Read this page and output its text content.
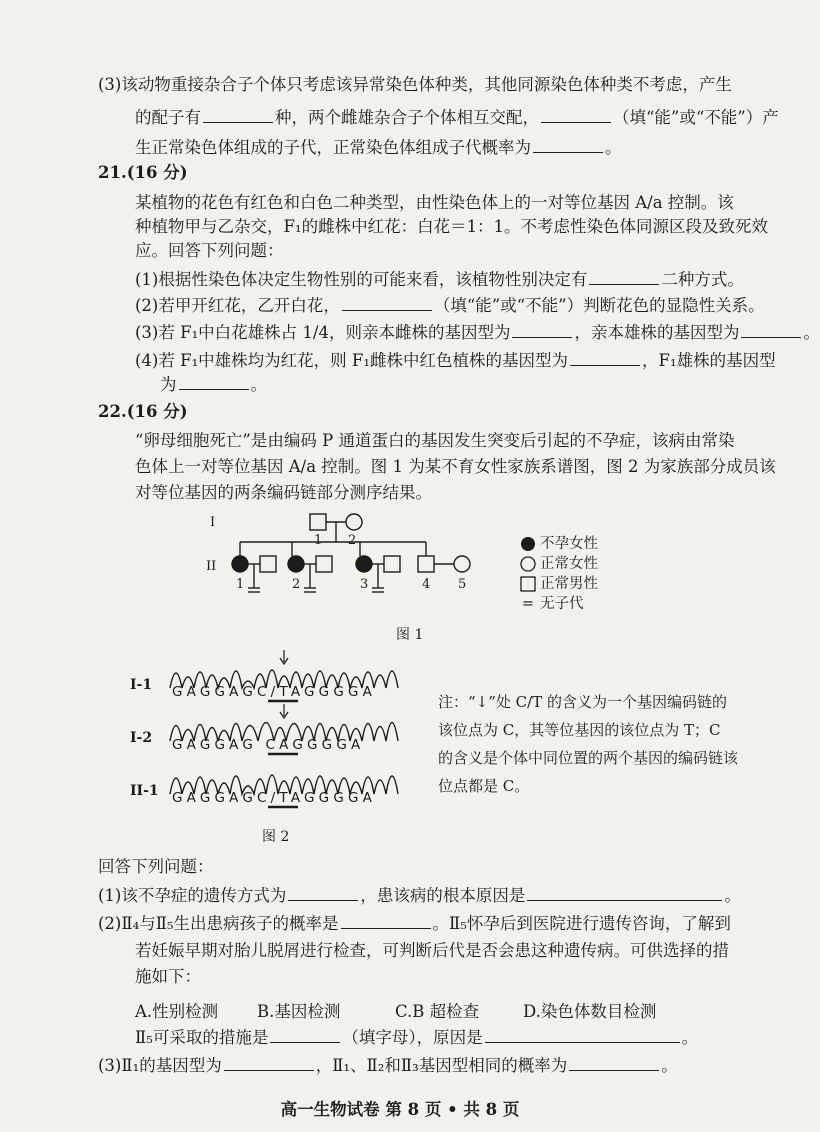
(3)该动物重接杂合子个体只考虑该异常染色体种类，其他同源染色体种类不考虑，产生
的配子有	种，两个雌雄杂合子个体相互交配，	（填“能”或“不能”）产
生正常染色体组成的子代，正常染色体组成子代概率为	。
21.(16 分)
某植物的花色有红色和白色二种类型，由性染色体上的一对等位基因 A/a 控制。该
种植物甲与乙杂交，F₁的雌株中红花：白花＝1：1。不考虑性染色体同源区段及致死效
应。回答下列问题：
(1)根据性染色体决定生物性别的可能来看，该植物性别决定有	二种方式。
(2)若甲开红花，乙开白花，	（填“能”或“不能”）判断花色的显隐性关系。
(3)若 F₁中白花雄株占 1/4，则亲本雌株的基因型为	，亲本雄株的基因型为	。
(4)若 F₁中雄株均为红花，则 F₁雌株中红色植株的基因型为	，F₁雄株的基因型
为	。
22.(16 分)
“卵母细胞死亡”是由编码 P 通道蛋白的基因发生突变后引起的不孕症，该病由常染
色体上一对等位基因 A/a 控制。图 1 为某不育女性家族系谱图，图 2 为家族部分成员该
对等位基因的两条编码链部分测序结果。
I
II
1 2
1	2	3	4 5
不孕女性
正常女性
正常男性
= 无子代
图 1
I-1 GAGGAGC/TAGGGGA
I-2 GAGGAG CAGGGGA
II-1 GAGGAGC/TAGGGGA
注：“↓”处 C/T 的含义为一个基因编码链的该位点为 C，其等位基因的该位点为 T；C 的含义是个体中同位置的两个基因的编码链该位点都是 C。
图 2
回答下列问题：
(1)该不孕症的遗传方式为	，患该病的根本原因是	。
(2)Ⅱ₄与Ⅱ₅生出患病孩子的概率是	。Ⅱ₅怀孕后到医院进行遗传咨询，了解到
若妊娠早期对胎儿脱屑进行检查，可判断后代是否会患这种遗传病。可供选择的措
施如下：
A.性别检测	B.基因检测	C.B 超检查	D.染色体数目检测
Ⅱ₅可采取的措施是	（填字母），原因是	。
(3)Ⅱ₁的基因型为	，Ⅱ₁、Ⅱ₂和Ⅱ₃基因型相同的概率为	。
高一生物试卷 第 8 页 • 共 8 页
